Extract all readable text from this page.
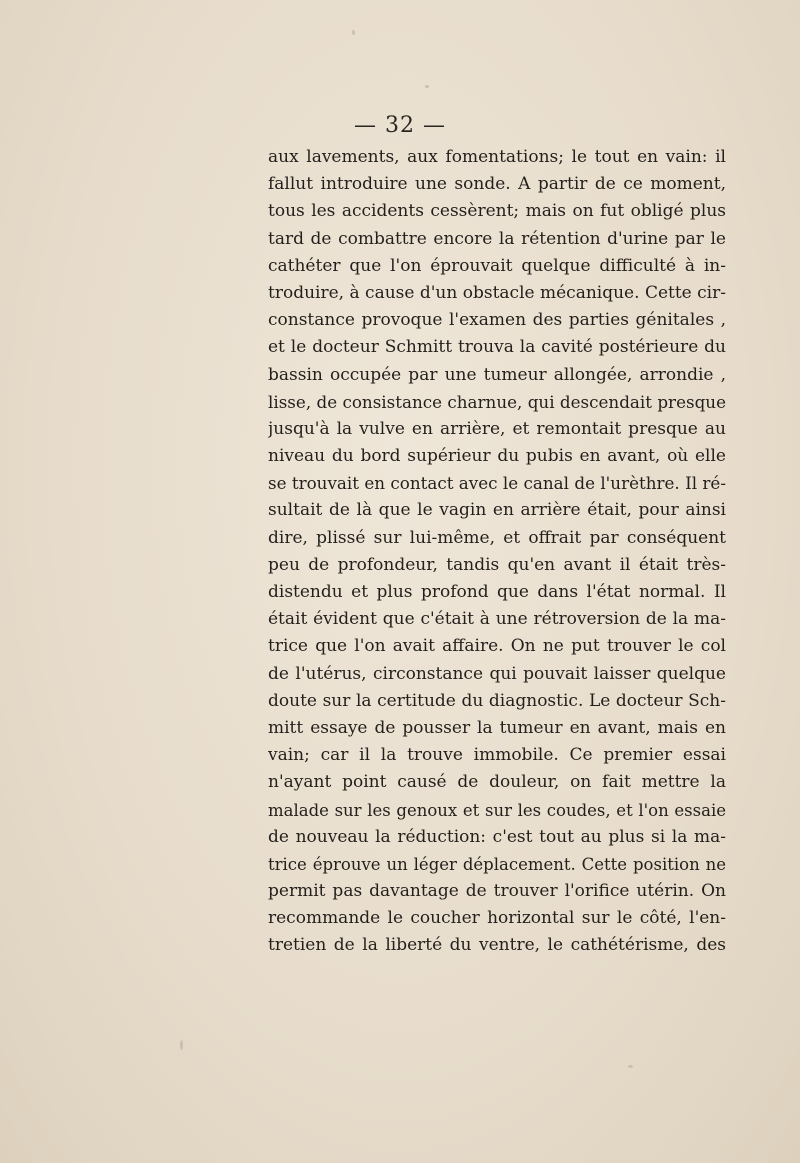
— 32 —

aux lavements, aux fomentations; le tout en vain: il
fallut introduire une sonde. A partir de ce moment,
tous les accidents cessèrent; mais on fut obligé plus
tard de combattre encore la rétention d'urine par le
cathéter que l'on éprouvait quelque difficulté à in-
troduire, à cause d'un obstacle mécanique. Cette cir-
constance provoque l'examen des parties génitales ,
et le docteur Schmitt trouva la cavité postérieure du
bassin occupée par une tumeur allongée, arrondie ,
lisse, de consistance charnue, qui descendait presque
jusqu'à la vulve en arrière, et remontait presque au
niveau du bord supérieur du pubis en avant, où elle
se trouvait en contact avec le canal de l'urèthre. Il ré-
sultait de là que le vagin en arrière était, pour ainsi
dire, plissé sur lui-même, et offrait par conséquent
peu de profondeur, tandis qu'en avant il était très-
distendu et plus profond que dans l'état normal. Il
était évident que c'était à une rétroversion de la ma-
trice que l'on avait affaire. On ne put trouver le col
de l'utérus, circonstance qui pouvait laisser quelque
doute sur la certitude du diagnostic. Le docteur Sch-
mitt essaye de pousser la tumeur en avant, mais en
vain; car il la trouve immobile. Ce premier essai
n'ayant point causé de douleur, on fait mettre la
malade sur les genoux et sur les coudes, et l'on essaie
de nouveau la réduction: c'est tout au plus si la ma-
trice éprouve un léger déplacement. Cette position ne
permit pas davantage de trouver l'orifice utérin. On
recommande le coucher horizontal sur le côté, l'en-
tretien de la liberté du ventre, le cathétérisme, des
